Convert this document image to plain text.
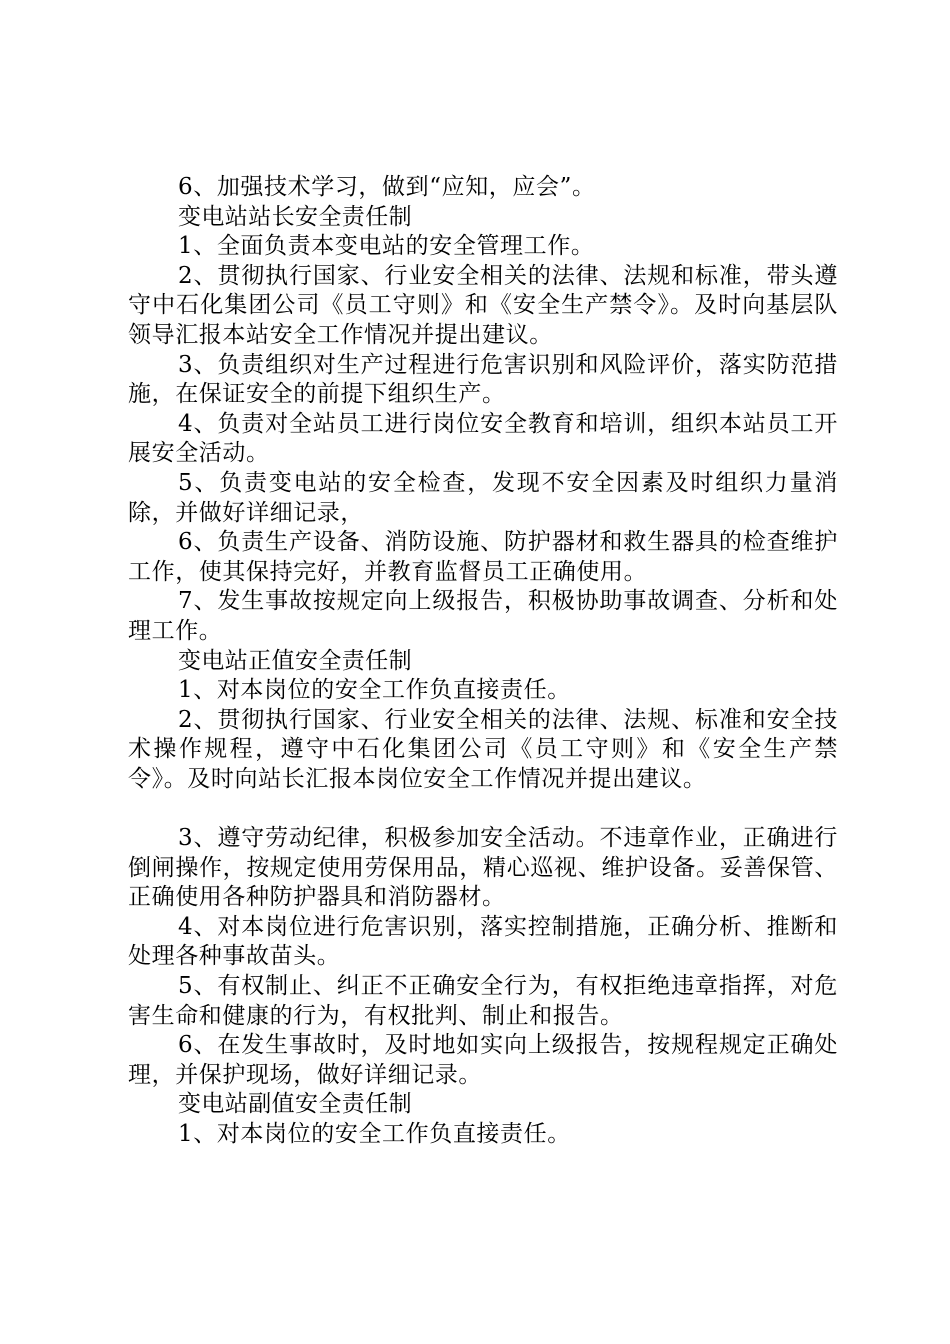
6、加强技术学习，做到“应知，应会”。

变电站站长安全责任制

1、全面负责本变电站的安全管理工作。

2、贯彻执行国家、行业安全相关的法律、法规和标准，带头遵守中石化集团公司《员工守则》和《安全生产禁令》。及时向基层队领导汇报本站安全工作情况并提出建议。

3、负责组织对生产过程进行危害识别和风险评价，落实防范措施，在保证安全的前提下组织生产。

4、负责对全站员工进行岗位安全教育和培训，组织本站员工开展安全活动。

5、负责变电站的安全检查，发现不安全因素及时组织力量消除，并做好详细记录，

6、负责生产设备、消防设施、防护器材和救生器具的检查维护工作，使其保持完好，并教育监督员工正确使用。

7、发生事故按规定向上级报告，积极协助事故调查、分析和处理工作。

变电站正值安全责任制

1、对本岗位的安全工作负直接责任。

2、贯彻执行国家、行业安全相关的法律、法规、标准和安全技术操作规程，遵守中石化集团公司《员工守则》和《安全生产禁令》。及时向站长汇报本岗位安全工作情况并提出建议。

3、遵守劳动纪律，积极参加安全活动。不违章作业，正确进行倒闸操作，按规定使用劳保用品，精心巡视、维护设备。妥善保管、正确使用各种防护器具和消防器材。

4、对本岗位进行危害识别，落实控制措施，正确分析、推断和处理各种事故苗头。

5、有权制止、纠正不正确安全行为，有权拒绝违章指挥，对危害生命和健康的行为，有权批判、制止和报告。

6、在发生事故时，及时地如实向上级报告，按规程规定正确处理，并保护现场，做好详细记录。

变电站副值安全责任制

1、对本岗位的安全工作负直接责任。
